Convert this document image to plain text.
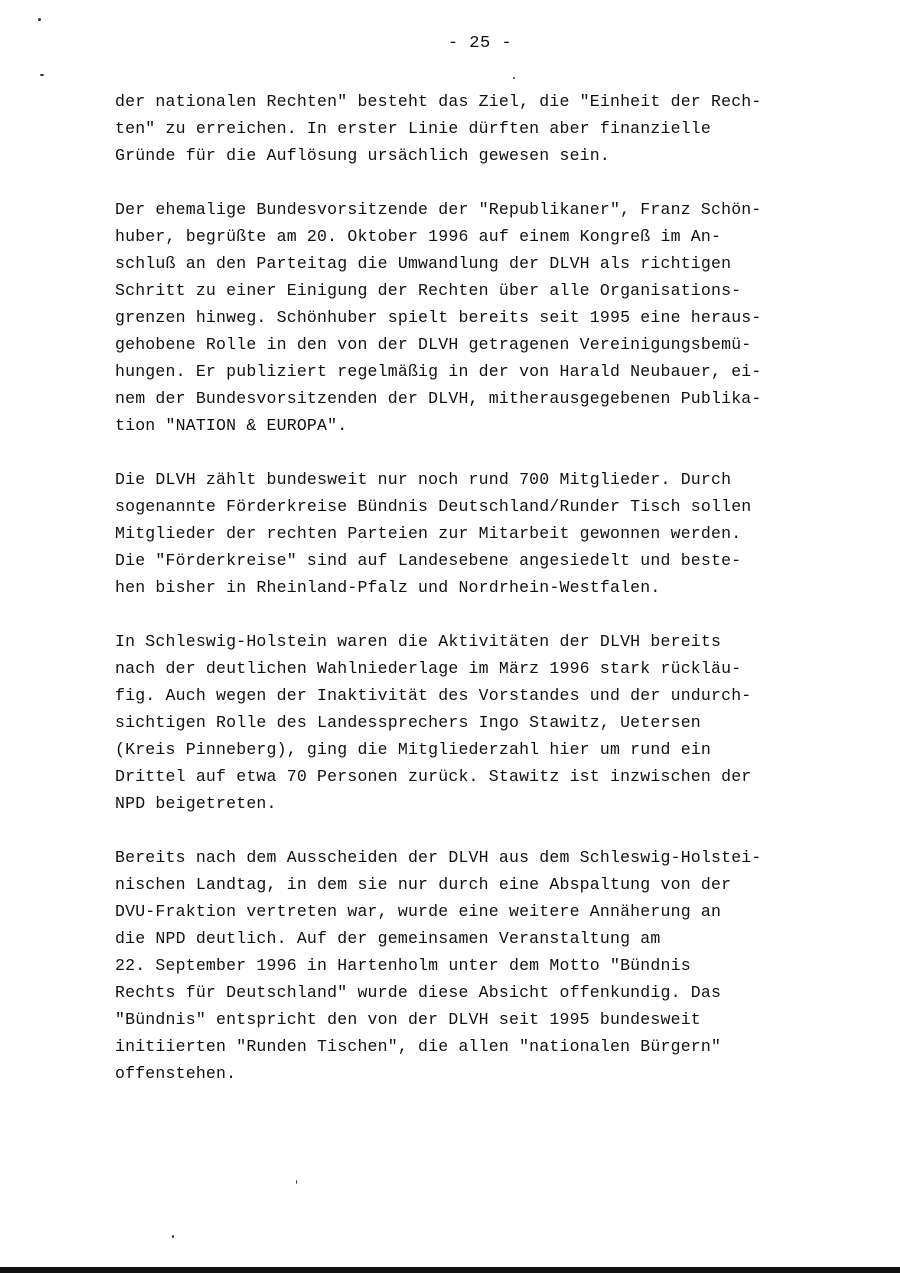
- 25 -
der nationalen Rechten" besteht das Ziel, die "Einheit der Rech-
ten" zu erreichen. In erster Linie dürften aber finanzielle
Gründe für die Auflösung ursächlich gewesen sein.
Der ehemalige Bundesvorsitzende der "Republikaner", Franz Schön-
huber, begrüßte am 20. Oktober 1996 auf einem Kongreß im An-
schluß an den Parteitag die Umwandlung der DLVH als richtigen
Schritt zu einer Einigung der Rechten über alle Organisations-
grenzen hinweg. Schönhuber spielt bereits seit 1995 eine heraus-
gehobene Rolle in den von der DLVH getragenen Vereinigungsbemü-
hungen. Er publiziert regelmäßig in der von Harald Neubauer, ei-
nem der Bundesvorsitzenden der DLVH, mitherausgegebenen Publika-
tion "NATION & EUROPA".
Die DLVH zählt bundesweit nur noch rund 700 Mitglieder. Durch
sogenannte Förderkreise Bündnis Deutschland/Runder Tisch sollen
Mitglieder der rechten Parteien zur Mitarbeit gewonnen werden.
Die "Förderkreise" sind auf Landesebene angesiedelt und beste-
hen bisher in Rheinland-Pfalz und Nordrhein-Westfalen.
In Schleswig-Holstein waren die Aktivitäten der DLVH bereits
nach der deutlichen Wahlniederlage im März 1996 stark rückläu-
fig. Auch wegen der Inaktivität des Vorstandes und der undurch-
sichtigen Rolle des Landessprechers Ingo Stawitz, Uetersen
(Kreis Pinneberg), ging die Mitgliederzahl hier um rund ein
Drittel auf etwa 70 Personen zurück. Stawitz ist inzwischen der
NPD beigetreten.
Bereits nach dem Ausscheiden der DLVH aus dem Schleswig-Holstei-
nischen Landtag, in dem sie nur durch eine Abspaltung von der
DVU-Fraktion vertreten war, wurde eine weitere Annäherung an
die NPD deutlich. Auf der gemeinsamen Veranstaltung am
22. September 1996 in Hartenholm unter dem Motto "Bündnis
Rechts für Deutschland" wurde diese Absicht offenkundig. Das
"Bündnis" entspricht den von der DLVH seit 1995 bundesweit
initiierten "Runden Tischen", die allen "nationalen Bürgern"
offenstehen.
